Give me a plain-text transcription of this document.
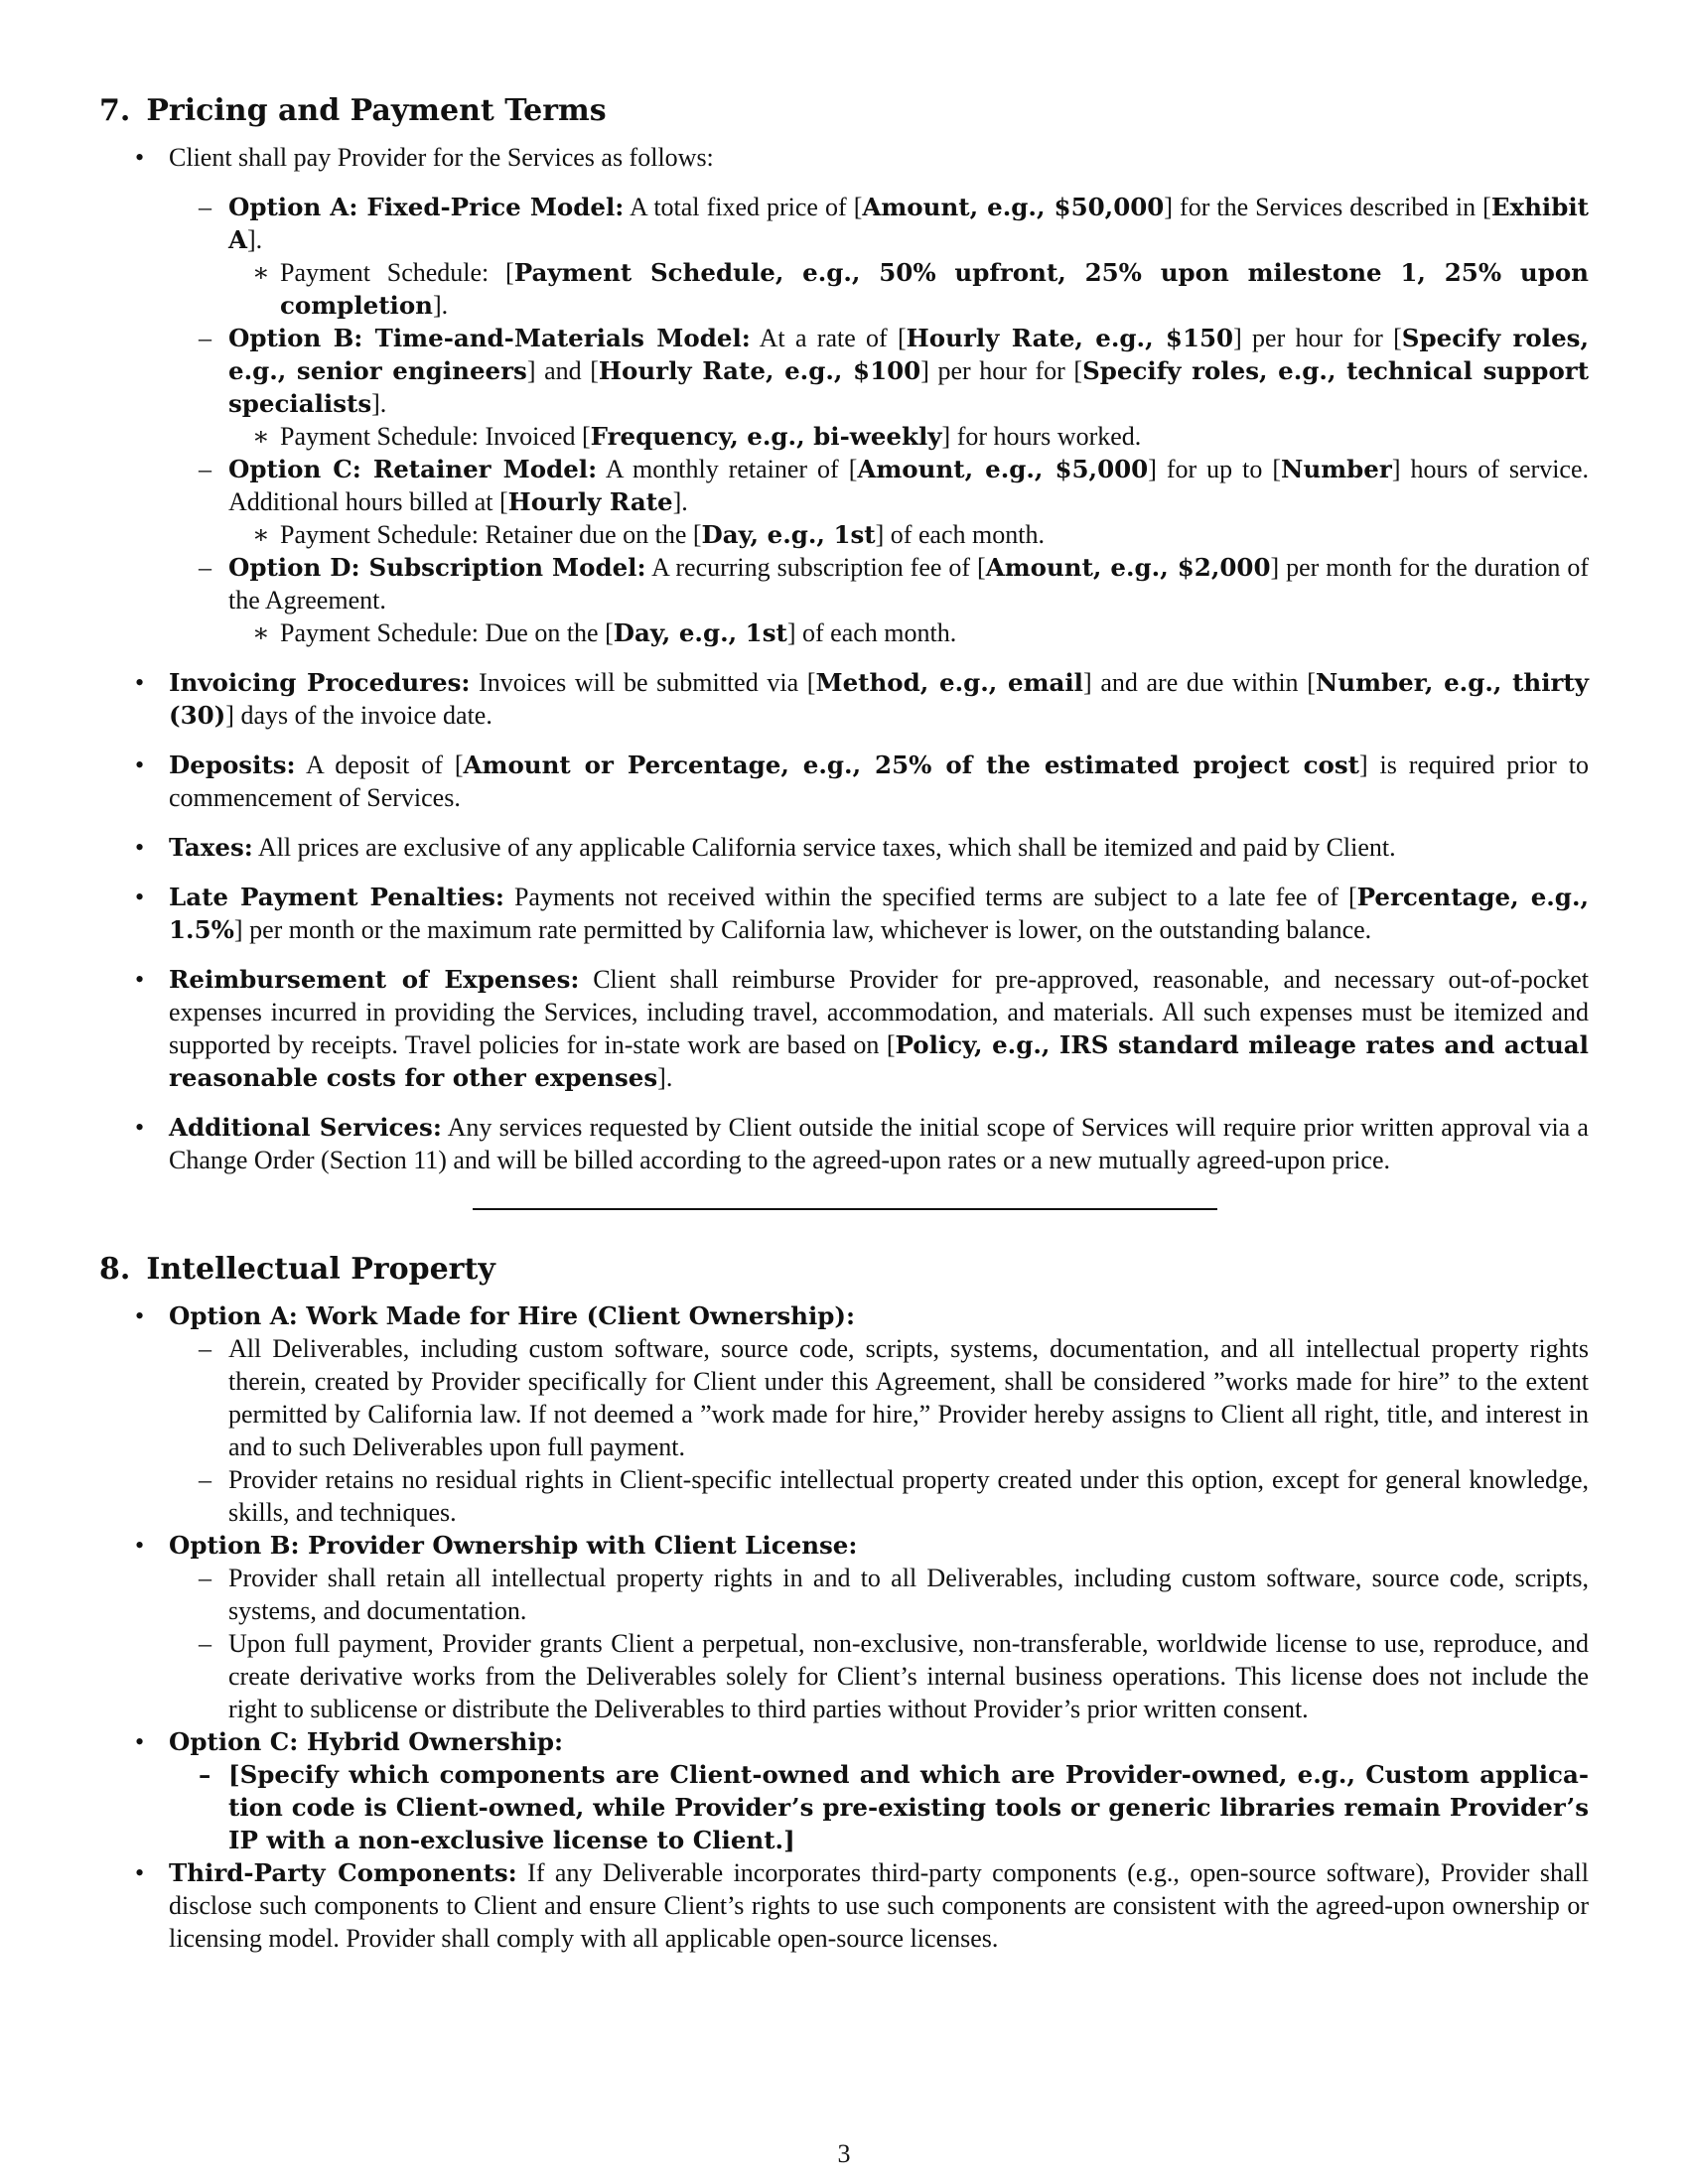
7. Pricing and Payment Terms
• Client shall pay Provider for the Services as follows:
– Option A: Fixed-Price Model: A total fixed price of [Amount, e.g., $50,000] for the Services described in [Exhibit A].
∗ Payment Schedule: [Payment Schedule, e.g., 50% upfront, 25% upon milestone 1, 25% upon completion].
– Option B: Time-and-Materials Model: At a rate of [Hourly Rate, e.g., $150] per hour for [Specify roles, e.g., senior engineers] and [Hourly Rate, e.g., $100] per hour for [Specify roles, e.g., technical support specialists].
∗ Payment Schedule: Invoiced [Frequency, e.g., bi-weekly] for hours worked.
– Option C: Retainer Model: A monthly retainer of [Amount, e.g., $5,000] for up to [Number] hours of service. Additional hours billed at [Hourly Rate].
∗ Payment Schedule: Retainer due on the [Day, e.g., 1st] of each month.
– Option D: Subscription Model: A recurring subscription fee of [Amount, e.g., $2,000] per month for the duration of the Agreement.
∗ Payment Schedule: Due on the [Day, e.g., 1st] of each month.
• Invoicing Procedures: Invoices will be submitted via [Method, e.g., email] and are due within [Number, e.g., thirty (30)] days of the invoice date.
• Deposits: A deposit of [Amount or Percentage, e.g., 25% of the estimated project cost] is required prior to commencement of Services.
• Taxes: All prices are exclusive of any applicable California service taxes, which shall be itemized and paid by Client.
• Late Payment Penalties: Payments not received within the specified terms are subject to a late fee of [Percentage, e.g., 1.5%] per month or the maximum rate permitted by California law, whichever is lower, on the outstanding balance.
• Reimbursement of Expenses: Client shall reimburse Provider for pre-approved, reasonable, and necessary out-of-pocket expenses incurred in providing the Services, including travel, accommodation, and materials. All such expenses must be itemized and supported by receipts. Travel policies for in-state work are based on [Policy, e.g., IRS standard mileage rates and actual reasonable costs for other expenses].
• Additional Services: Any services requested by Client outside the initial scope of Services will require prior written approval via a Change Order (Section 11) and will be billed according to the agreed-upon rates or a new mutually agreed-upon price.
8. Intellectual Property
• Option A: Work Made for Hire (Client Ownership):
– All Deliverables, including custom software, source code, scripts, systems, documentation, and all intellectual property rights therein, created by Provider specifically for Client under this Agreement, shall be considered ”works made for hire” to the extent permitted by California law. If not deemed a ”work made for hire,” Provider hereby assigns to Client all right, title, and interest in and to such Deliverables upon full payment.
– Provider retains no residual rights in Client-specific intellectual property created under this option, except for general knowledge, skills, and techniques.
• Option B: Provider Ownership with Client License:
– Provider shall retain all intellectual property rights in and to all Deliverables, including custom software, source code, scripts, systems, and documentation.
– Upon full payment, Provider grants Client a perpetual, non-exclusive, non-transferable, worldwide license to use, reproduce, and create derivative works from the Deliverables solely for Client’s internal business operations. This license does not include the right to sublicense or distribute the Deliverables to third parties without Provider’s prior written consent.
• Option C: Hybrid Ownership:
– [Specify which components are Client-owned and which are Provider-owned, e.g., Custom applica-tion code is Client-owned, while Provider’s pre-existing tools or generic libraries remain Provider’s IP with a non-exclusive license to Client.]
• Third-Party Components: If any Deliverable incorporates third-party components (e.g., open-source software), Provider shall disclose such components to Client and ensure Client’s rights to use such components are consistent with the agreed-upon ownership or licensing model. Provider shall comply with all applicable open-source licenses.
3
